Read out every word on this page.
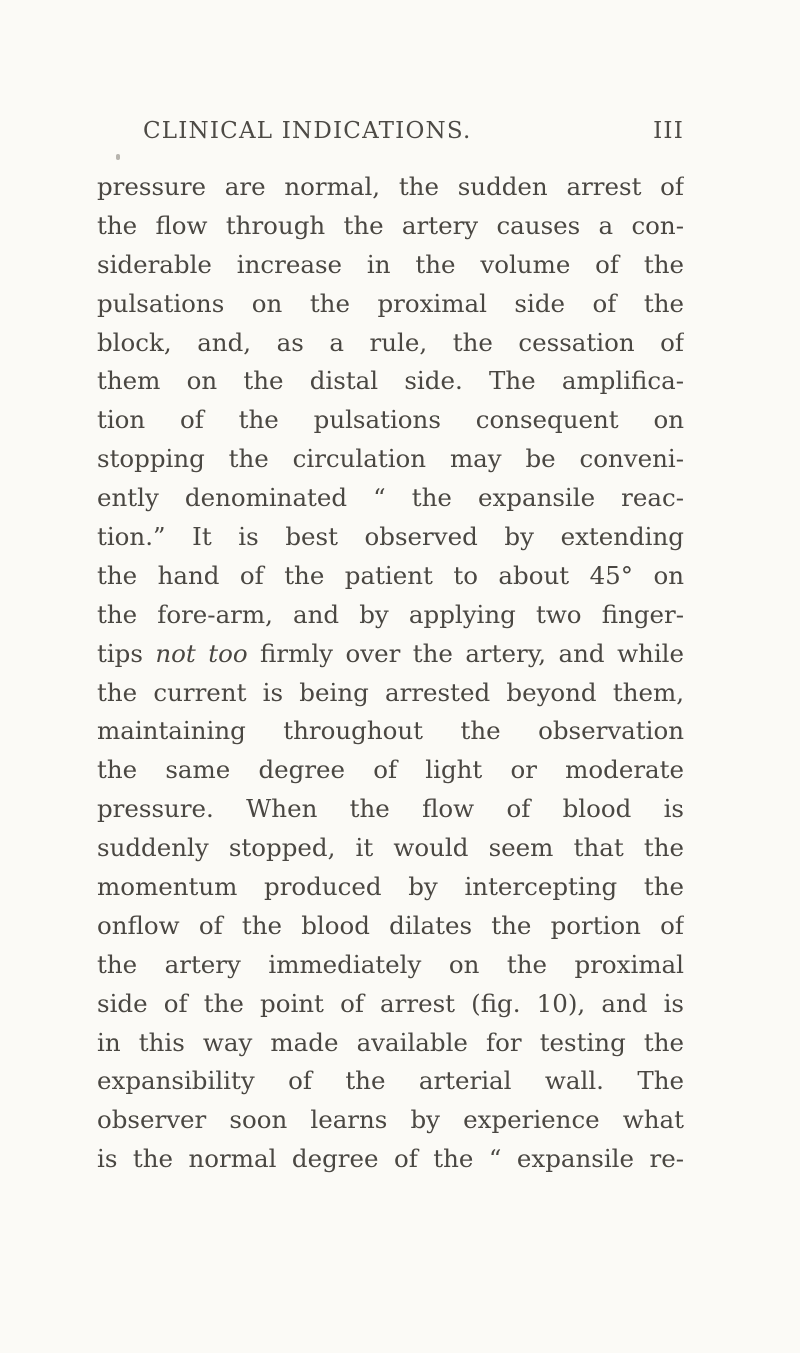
CLINICAL INDICATIONS.	III
pressure are normal, the sudden arrest of
the flow through the artery causes a con-
siderable increase in the volume of the
pulsations on the proximal side of the
block, and, as a rule, the cessation of
them on the distal side. The amplifica-
tion of the pulsations consequent on
stopping the circulation may be conveni-
ently denominated “ the expansile reac-
tion.” It is best observed by extending
the hand of the patient to about 45° on
the fore-arm, and by applying two finger-
tips not too firmly over the artery, and while
the current is being arrested beyond them,
maintaining throughout the observation
the same degree of light or moderate
pressure. When the flow of blood is
suddenly stopped, it would seem that the
momentum produced by intercepting the
onflow of the blood dilates the portion of
the artery immediately on the proximal
side of the point of arrest (fig. 10), and is
in this way made available for testing the
expansibility of the arterial wall. The
observer soon learns by experience what
is the normal degree of the “ expansile re-
